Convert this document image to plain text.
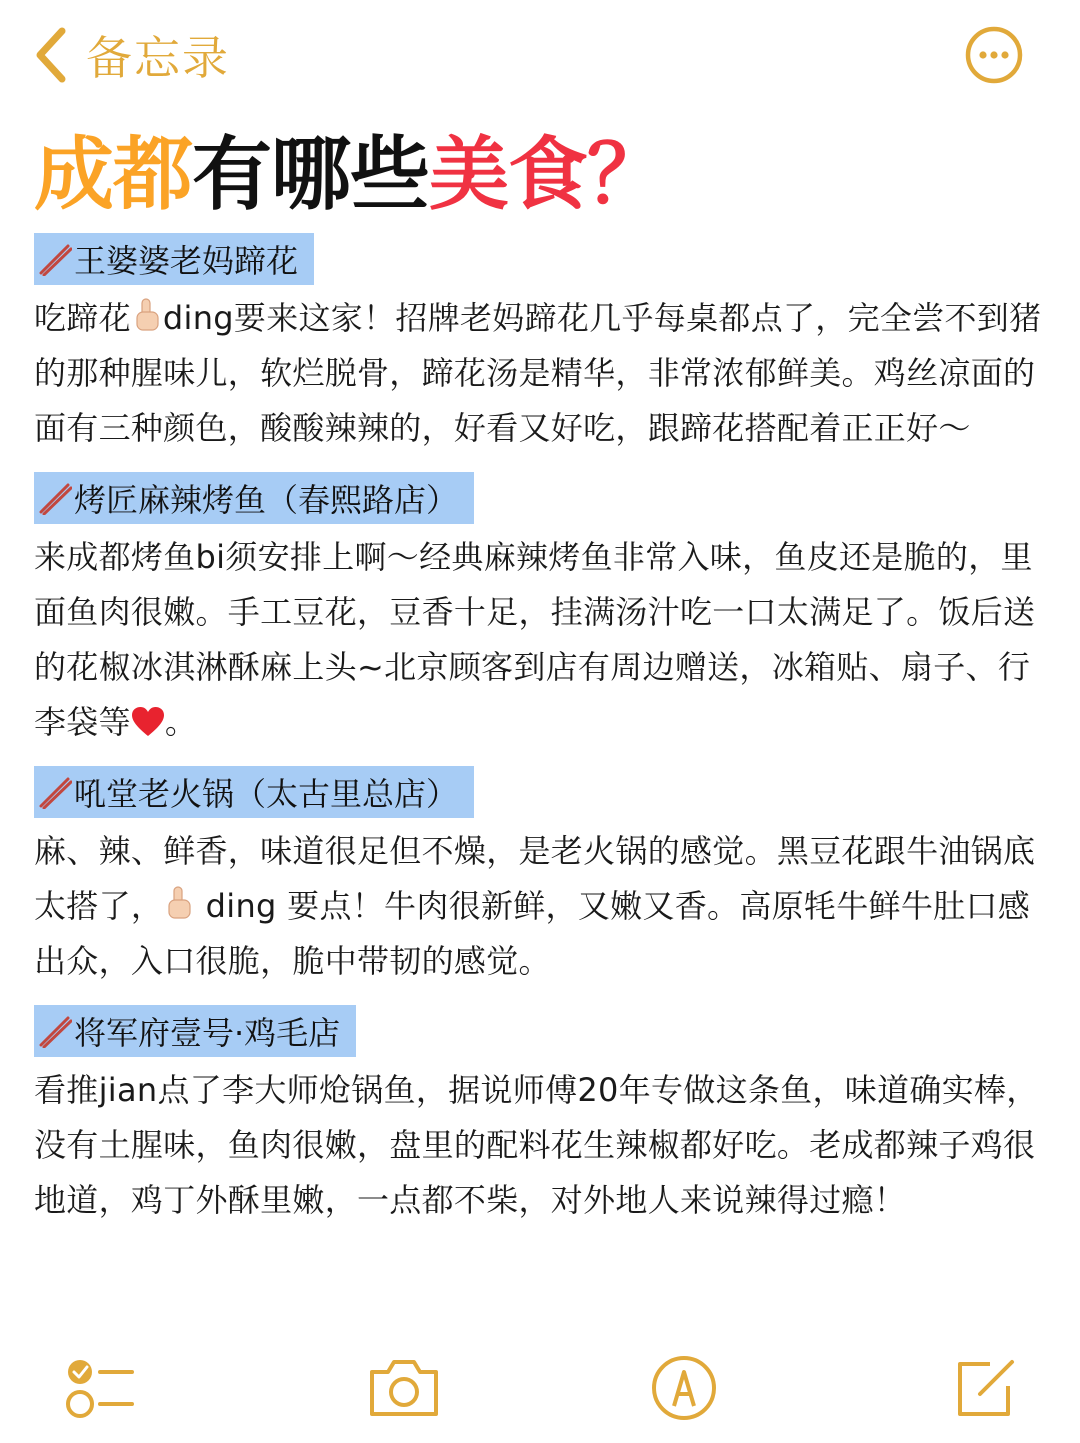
备忘录
成都 有哪些 美食？
王婆婆老妈蹄花
吃蹄花 ding要来这家！招牌老妈蹄花几乎每桌都点了，完全尝不到猪的那种腥味儿，软烂脱骨，蹄花汤是精华，非常浓郁鲜美。鸡丝凉面的面有三种颜色，酸酸辣辣的，好看又好吃，跟蹄花搭配着正正好～
烤匠麻辣烤鱼（春熙路店）
来成都烤鱼bi须安排上啊～经典麻辣烤鱼非常入味，鱼皮还是脆的，里面鱼肉很嫩。手工豆花，豆香十足，挂满汤汁吃一口太满足了。饭后送的花椒冰淇淋酥麻上头~北京顾客到店有周边赠送，冰箱贴、扇子、行李袋等 。
吼堂老火锅（太古里总店）
麻、辣、鲜香，味道很足但不燥，是老火锅的感觉。黑豆花跟牛油锅底太搭了， ding 要点！牛肉很新鲜，又嫩又香。高原牦牛鲜牛肚口感出众，入口很脆，脆中带韧的感觉。
将军府壹号·鸡毛店
看推jian点了李大师炝锅鱼，据说师傅20年专做这条鱼，味道确实棒，没有土腥味，鱼肉很嫩，盘里的配料花生辣椒都好吃。老成都辣子鸡很地道，鸡丁外酥里嫩，一点都不柴，对外地人来说辣得过瘾！
